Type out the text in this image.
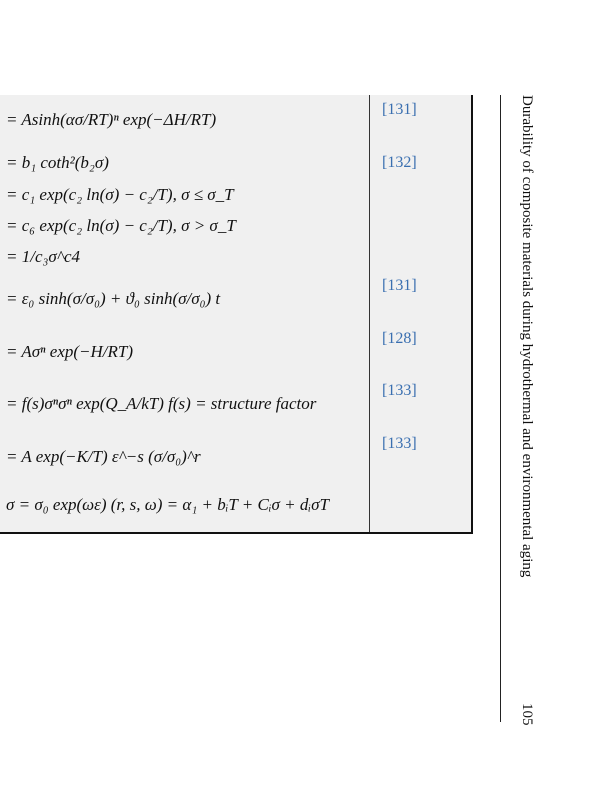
= Asinh(ασ/RT)ⁿ exp(−ΔH/RT)
[131]
= b₁ coth²(b₂σ)	[132]
= c₁ exp(c₂ ln(σ) − c₂/T), σ ≤ σ_T
= c₆ exp(c₂ ln(σ) − c₂/T), σ > σ_T
= 1/c₃σ^c4
= ε₀ sinh(σ/σ₀) + ϑ₀ sinh(σ/σ₀) t
[131]
= Aσⁿ exp(−H/RT)
[128]
= f(s)σⁿσⁿ exp(Q_A/kT) f(s) = structure factor
[133]
= A exp(−K/T) ε^−s (σ/σ₀)^r
[133]
σ = σ₀ exp(ωε) (r, s, ω) = α₁ + bᵢT + Cᵢσ + dᵢσT	Durability of composite materials during hydrothermal and environmental aging
105
